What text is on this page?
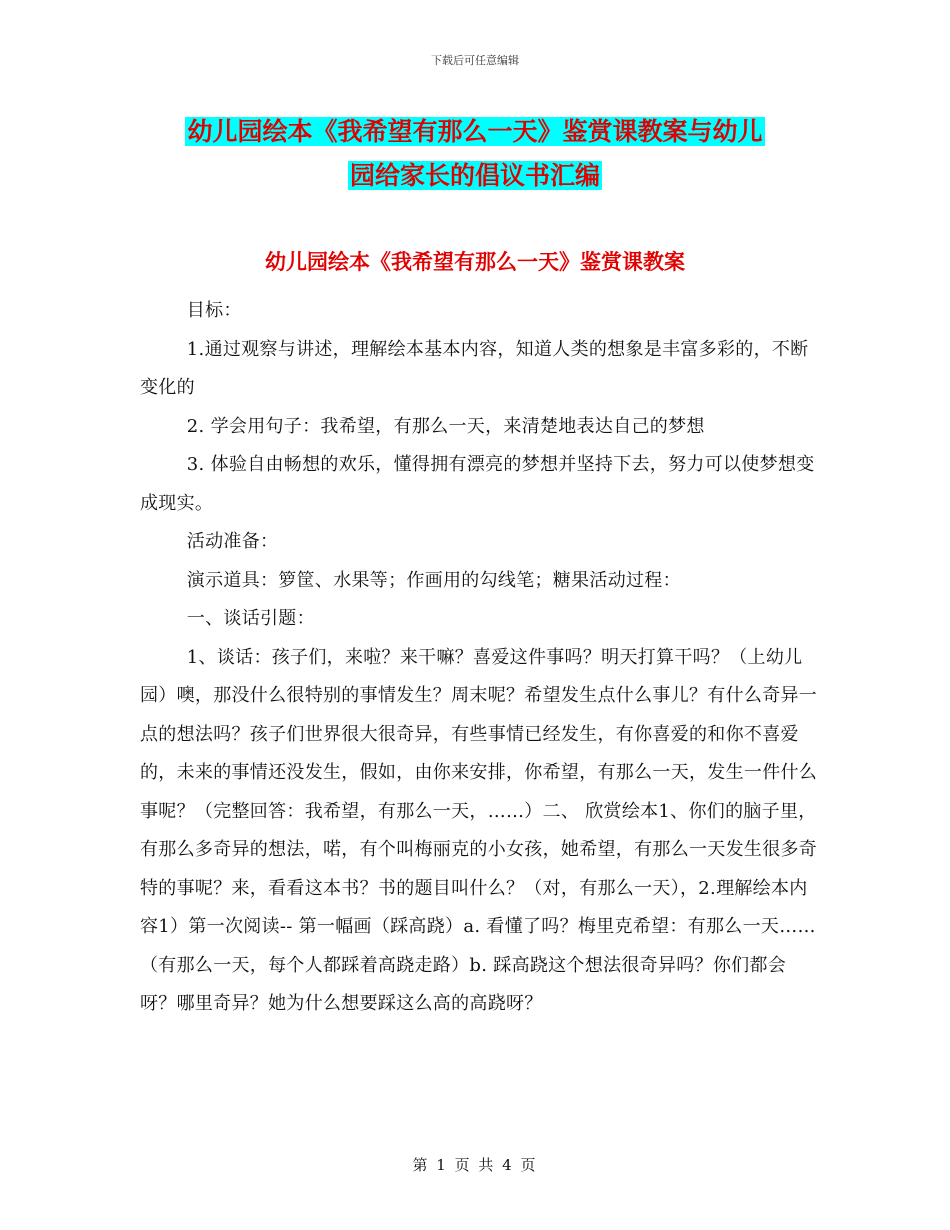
下载后可任意编辑
幼儿园绘本《我希望有那么一天》鉴赏课教案与幼儿
园给家长的倡议书汇编
幼儿园绘本《我希望有那么一天》鉴赏课教案

目标：

1.通过观察与讲述，理解绘本基本内容，知道人类的想象是丰富多彩的，不断变化的

2. 学会用句子：我希望，有那么一天，来清楚地表达自己的梦想

3. 体验自由畅想的欢乐，懂得拥有漂亮的梦想并坚持下去，努力可以使梦想变成现实。

活动准备：

演示道具：箩筐、水果等；作画用的勾线笔；糖果活动过程：

一、谈话引题：

1、谈话：孩子们，来啦？来干嘛？喜爱这件事吗？明天打算干吗？（上幼儿园）噢，那没什么很特别的事情发生？周末呢？希望发生点什么事儿？有什么奇异一点的想法吗？孩子们世界很大很奇异，有些事情已经发生，有你喜爱的和你不喜爱的，未来的事情还没发生，假如，由你来安排，你希望，有那么一天，发生一件什么事呢？（完整回答：我希望，有那么一天，……）二、 欣赏绘本1、你们的脑子里，有那么多奇异的想法，喏，有个叫梅丽克的小女孩，她希望，有那么一天发生很多奇特的事呢？来，看看这本书？书的题目叫什么？（对，有那么一天），2.理解绘本内容1）第一次阅读-- 第一幅画（踩高跷）a. 看懂了吗？梅里克希望：有那么一天……（有那么一天，每个人都踩着高跷走路）b. 踩高跷这个想法很奇异吗？你们都会呀？哪里奇异？她为什么想要踩这么高的高跷呀？

第 1 页 共 4 页
